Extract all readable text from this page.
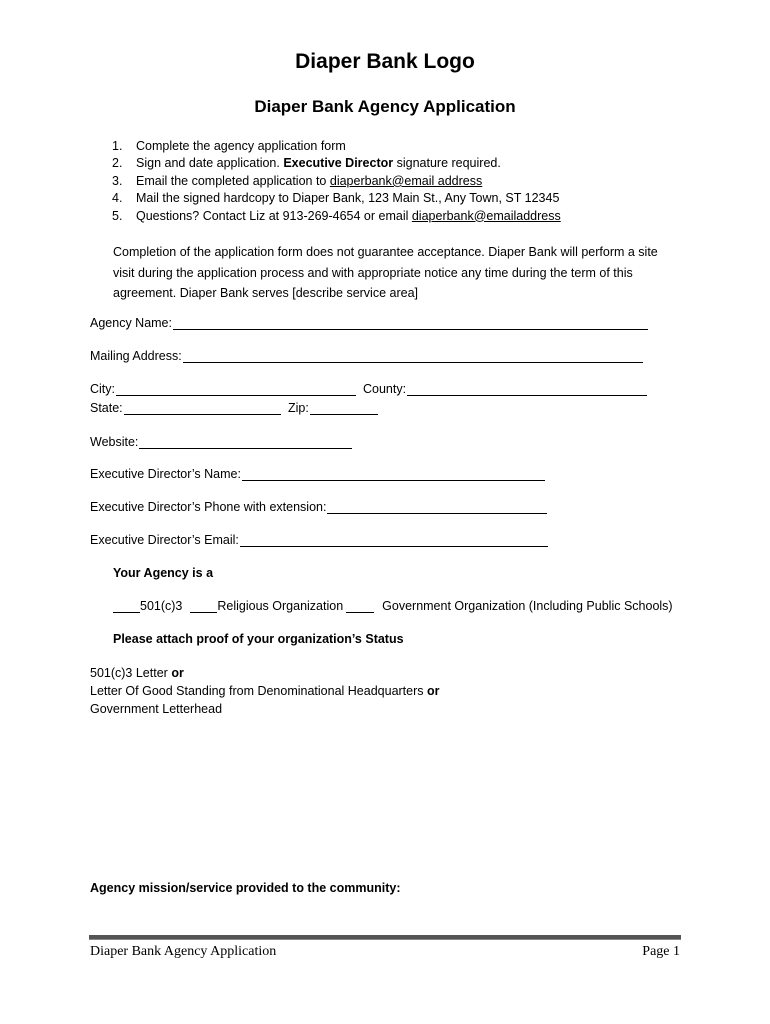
Diaper Bank Logo
Diaper Bank Agency Application
1.	Complete the agency application form
2.	Sign and date application. Executive Director signature required.
3.	Email the completed application to diaperbank@email address
4.	Mail the signed hardcopy to Diaper Bank, 123 Main St., Any Town, ST 12345
5.	Questions? Contact Liz at 913-269-4654 or email diaperbank@emailaddress
Completion of the application form does not guarantee acceptance. Diaper Bank will perform a site visit during the application process and with appropriate notice any time during the term of this agreement. Diaper Bank serves [describe service area]
Agency Name:
Mailing Address:
City:	County:
State:	Zip:
Website:
Executive Director’s Name:
Executive Director’s Phone with extension:
Executive Director’s Email:
Your Agency is a
501(c)3	Religious Organization	Government Organization (Including Public Schools)
Please attach proof of your organization’s Status
501(c)3 Letter or
Letter Of Good Standing from Denominational Headquarters or
Government Letterhead
Agency mission/service provided to the community:
Diaper Bank Agency Application	Page 1
